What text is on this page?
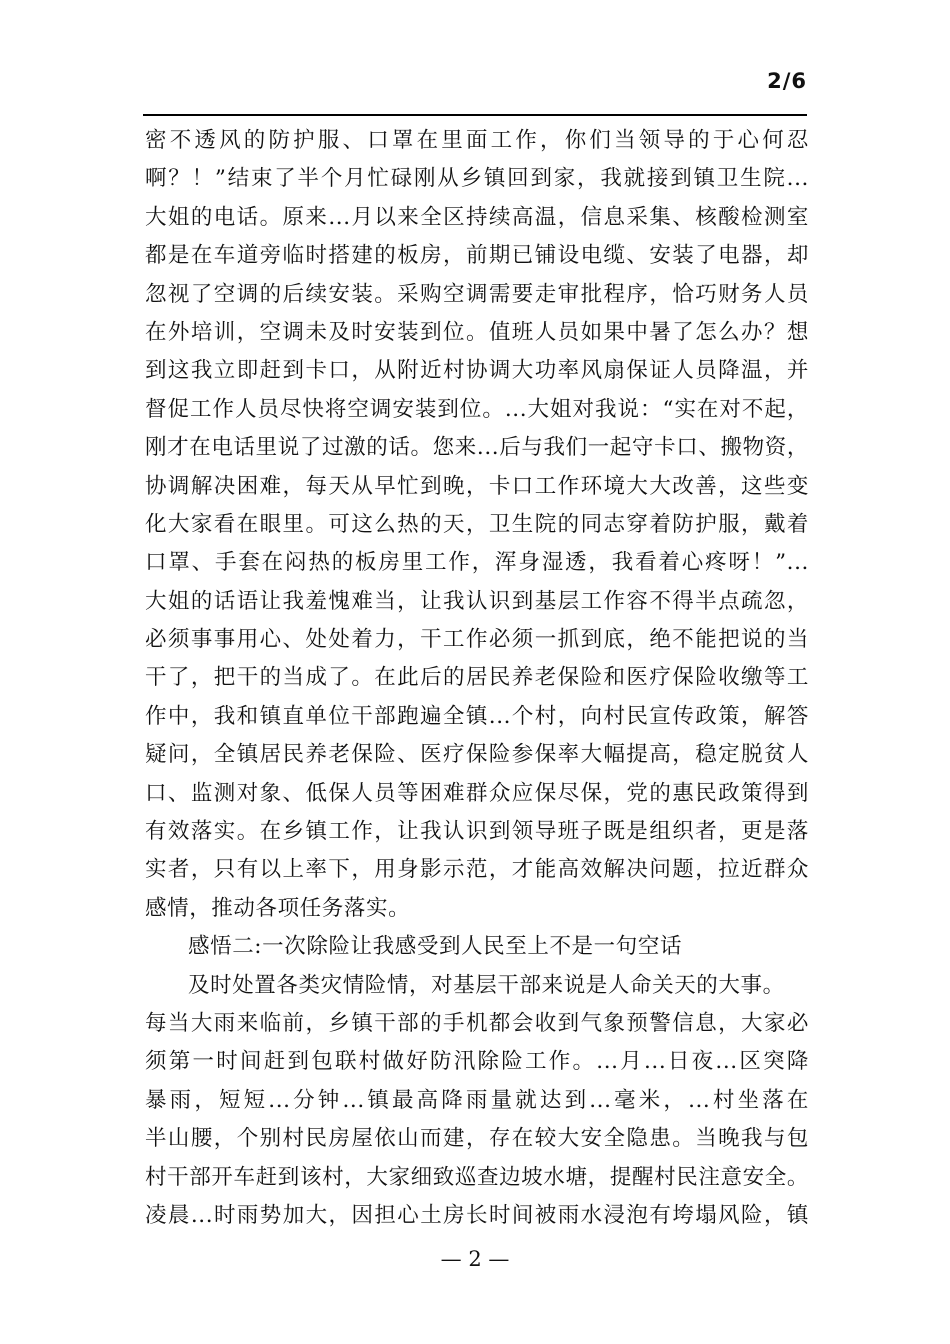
2/6
密不透风的防护服、口罩在里面工作，你们当领导的于心何忍
啊？！”结束了半个月忙碌刚从乡镇回到家，我就接到镇卫生院...
大姐的电话。原来...月以来全区持续高温，信息采集、核酸检测室
都是在车道旁临时搭建的板房，前期已铺设电缆、安装了电器，却
忽视了空调的后续安装。采购空调需要走审批程序，恰巧财务人员
在外培训，空调未及时安装到位。值班人员如果中暑了怎么办？想
到这我立即赶到卡口，从附近村协调大功率风扇保证人员降温，并
督促工作人员尽快将空调安装到位。...大姐对我说：“实在对不起，
刚才在电话里说了过激的话。您来...后与我们一起守卡口、搬物资，
协调解决困难，每天从早忙到晚，卡口工作环境大大改善，这些变
化大家看在眼里。可这么热的天，卫生院的同志穿着防护服，戴着
口罩、手套在闷热的板房里工作，浑身湿透，我看着心疼呀！”...
大姐的话语让我羞愧难当，让我认识到基层工作容不得半点疏忽，
必须事事用心、处处着力，干工作必须一抓到底，绝不能把说的当
干了，把干的当成了。在此后的居民养老保险和医疗保险收缴等工
作中，我和镇直单位干部跑遍全镇...个村，向村民宣传政策，解答
疑问，全镇居民养老保险、医疗保险参保率大幅提高，稳定脱贫人
口、监测对象、低保人员等困难群众应保尽保，党的惠民政策得到
有效落实。在乡镇工作，让我认识到领导班子既是组织者，更是落
实者，只有以上率下，用身影示范，才能高效解决问题，拉近群众
感情，推动各项任务落实。
感悟二:一次除险让我感受到人民至上不是一句空话
及时处置各类灾情险情，对基层干部来说是人命关天的大事。
每当大雨来临前，乡镇干部的手机都会收到气象预警信息，大家必
须第一时间赶到包联村做好防汛除险工作。...月...日夜...区突降
暴雨，短短...分钟...镇最高降雨量就达到...毫米，...村坐落在
半山腰，个别村民房屋依山而建，存在较大安全隐患。当晚我与包
村干部开车赶到该村，大家细致巡查边坡水塘，提醒村民注意安全。
凌晨...时雨势加大，因担心土房长时间被雨水浸泡有垮塌风险，镇
— 2 —
